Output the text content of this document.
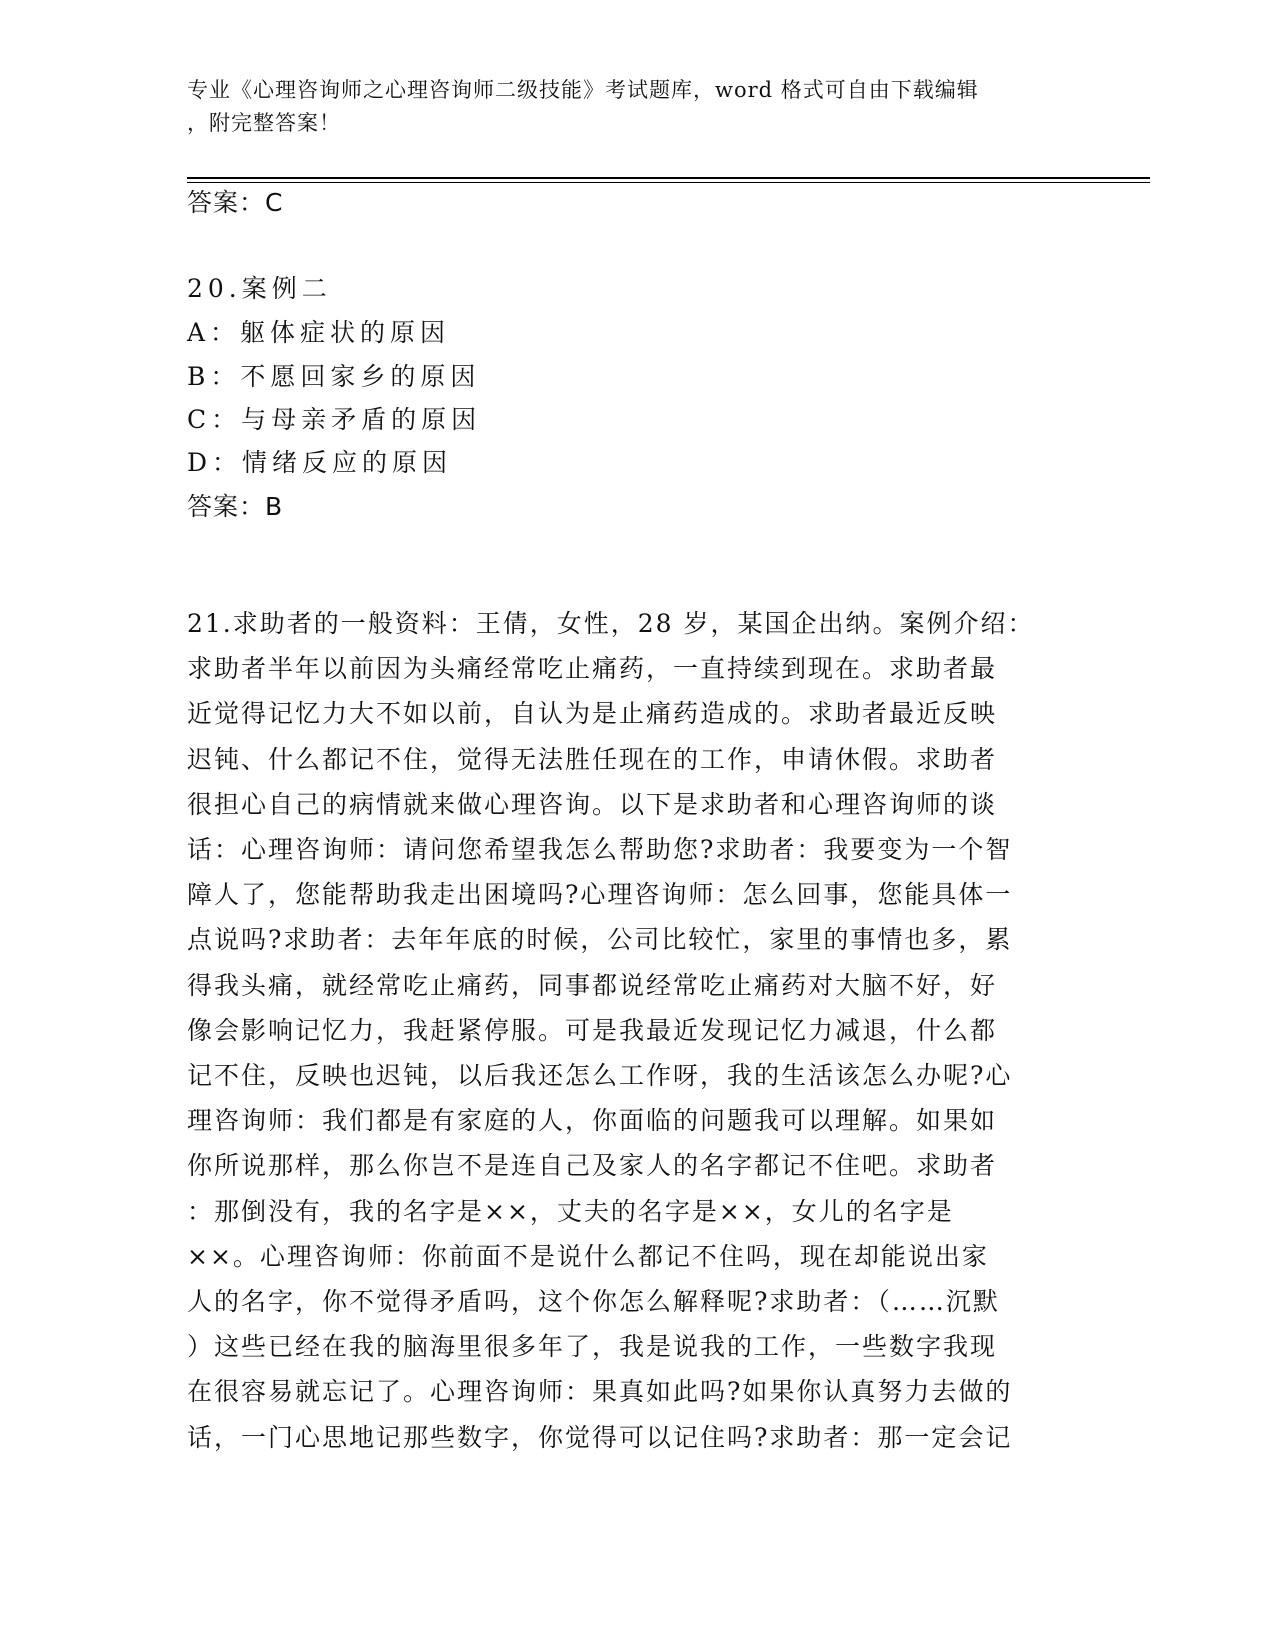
专业《心理咨询师之心理咨询师二级技能》考试题库，word 格式可自由下载编辑
，附完整答案！
答案：C
20.案例二
A：躯体症状的原因
B：不愿回家乡的原因
C：与母亲矛盾的原因
D：情绪反应的原因
答案：B
21.求助者的一般资料：王倩，女性，28 岁，某国企出纳。案例介绍：
求助者半年以前因为头痛经常吃止痛药，一直持续到现在。求助者最
近觉得记忆力大不如以前，自认为是止痛药造成的。求助者最近反映
迟钝、什么都记不住，觉得无法胜任现在的工作，申请休假。求助者
很担心自己的病情就来做心理咨询。以下是求助者和心理咨询师的谈
话：心理咨询师：请问您希望我怎么帮助您?求助者：我要变为一个智
障人了，您能帮助我走出困境吗?心理咨询师：怎么回事，您能具体一
点说吗?求助者：去年年底的时候，公司比较忙，家里的事情也多，累
得我头痛，就经常吃止痛药，同事都说经常吃止痛药对大脑不好，好
像会影响记忆力，我赶紧停服。可是我最近发现记忆力减退，什么都
记不住，反映也迟钝，以后我还怎么工作呀，我的生活该怎么办呢?心
理咨询师：我们都是有家庭的人，你面临的问题我可以理解。如果如
你所说那样，那么你岂不是连自己及家人的名字都记不住吧。求助者
：那倒没有，我的名字是××，丈夫的名字是××，女儿的名字是
××。心理咨询师：你前面不是说什么都记不住吗，现在却能说出家
人的名字，你不觉得矛盾吗，这个你怎么解释呢?求助者：（……沉默
）这些已经在我的脑海里很多年了，我是说我的工作，一些数字我现
在很容易就忘记了。心理咨询师：果真如此吗?如果你认真努力去做的
话，一门心思地记那些数字，你觉得可以记住吗?求助者：那一定会记
